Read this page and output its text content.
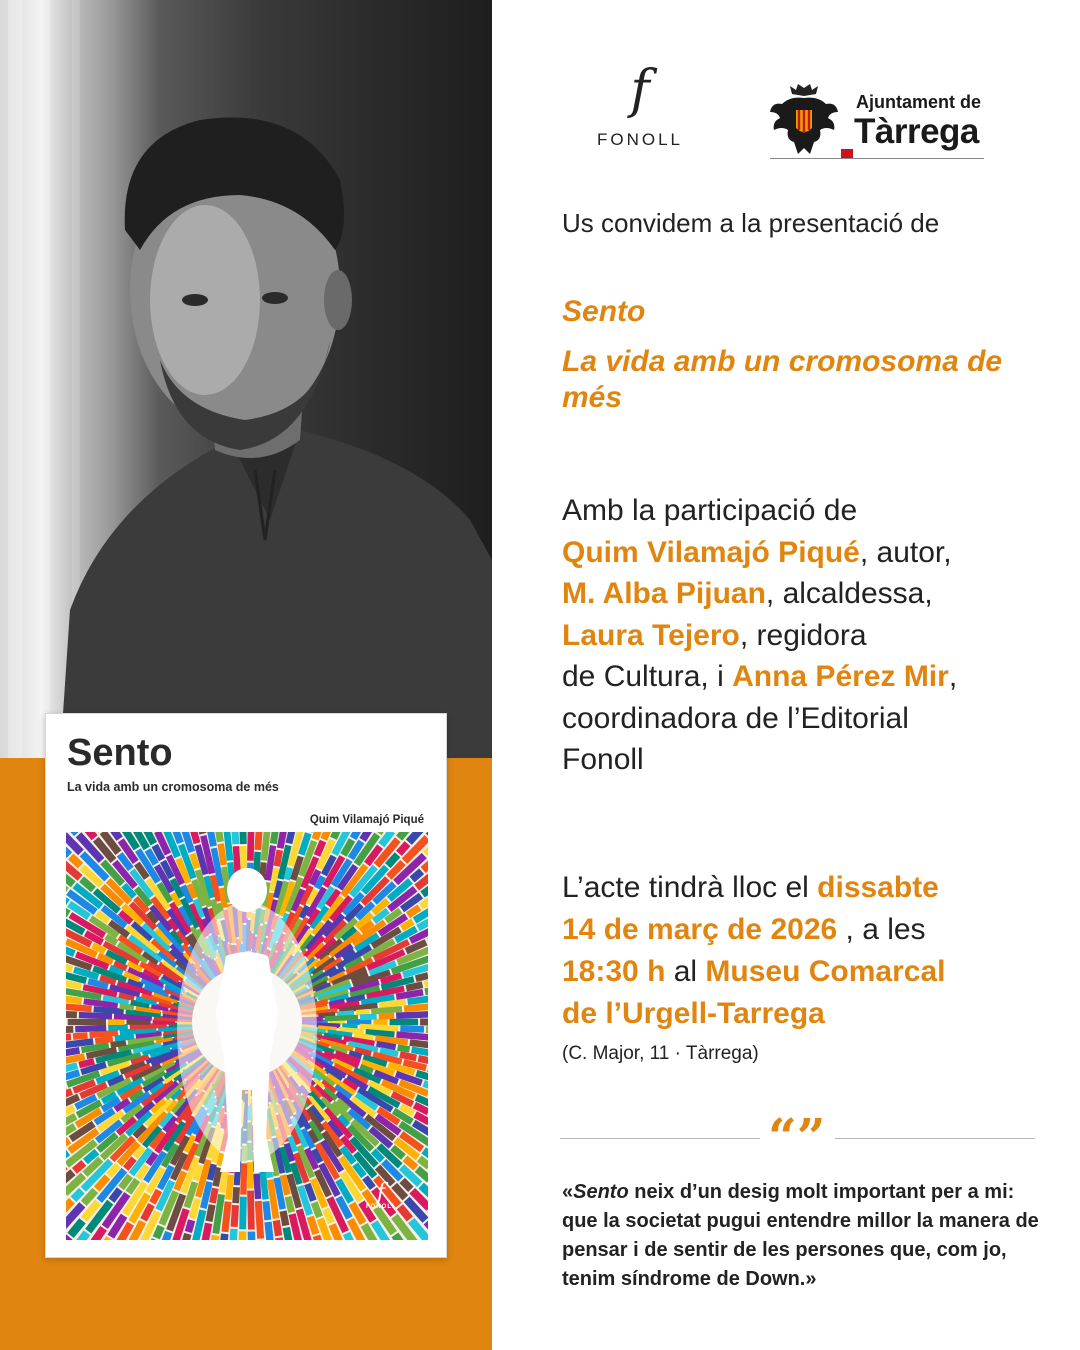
Sento
La vida amb un cromosoma de més
Quim Vilamajó Piqué
f
FONOLL
f
FONOLL
Ajuntament de
Tàrrega
Us convidem a la presentació de
Sento
La vida amb un cromosoma de més
Amb la participació de
Quim Vilamajó Piqué, autor,
M. Alba Pijuan, alcaldessa,
Laura Tejero, regidora
de Cultura, i Anna Pérez Mir,
coordinadora de l’Editorial
Fonoll
L’acte tindrà lloc el dissabte
14 de març de 2026 , a les
18:30 h al Museu Comarcal
de l’Urgell-Tarrega
(C. Major, 11 · Tàrrega)
“”
«Sento neix d’un desig molt important per a mi: que la societat pugui entendre millor la manera de pensar i de sentir de les persones que, com jo, tenim síndrome de Down.»
